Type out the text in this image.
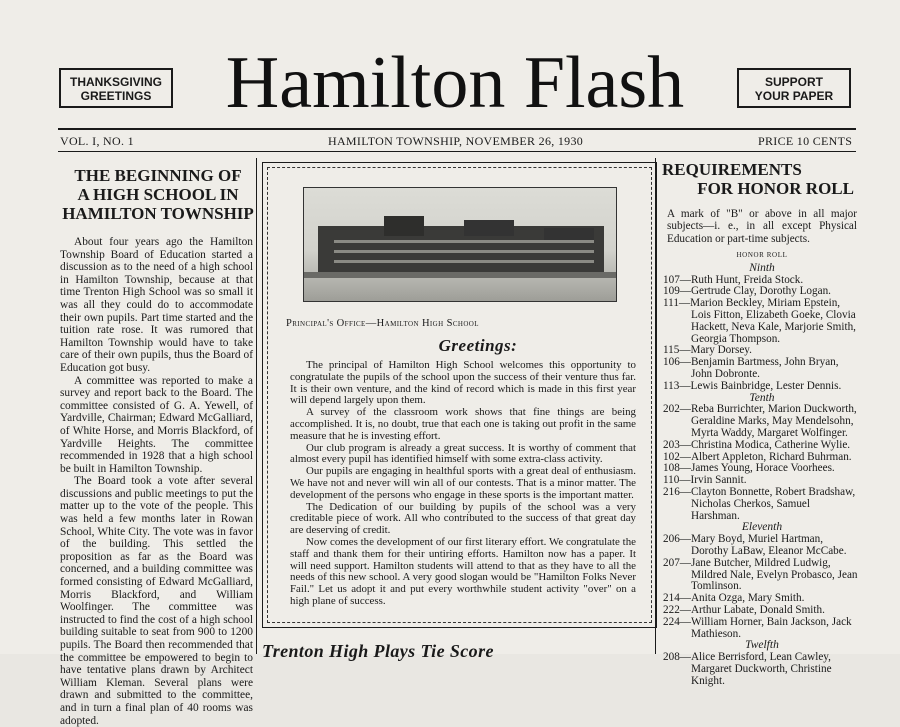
THANKSGIVING
GREETINGS
SUPPORT
YOUR PAPER
Hamilton Flash
VOL. I, NO. 1	HAMILTON TOWNSHIP, NOVEMBER 26, 1930	PRICE 10 CENTS
THE BEGINNING OF
A HIGH SCHOOL IN
HAMILTON TOWNSHIP

About four years ago the Hamilton Township Board of Education started a discussion as to the need of a high school in Hamilton Township, because at that time Trenton High School was so small it was all they could do to accommodate their own pupils. Part time started and the tuition rate rose. It was rumored that Hamilton Township would have to take care of their own pupils, thus the Board of Education got busy.

A committee was reported to make a survey and report back to the Board. The committee consisted of G. A. Yewell, of Yardville, Chairman; Edward McGalliard, of White Horse, and Morris Blackford, of Yardville Heights. The committee recommended in 1928 that a high school be built in Hamilton Township.

The Board took a vote after several discussions and public meetings to put the matter up to the vote of the people. This was held a few months later in Rowan School, White City. The vote was in favor of the building. This settled the proposition as far as the Board was concerned, and a building committee was formed consisting of Edward McGalliard, Morris Blackford, and William Woolfinger. The committee was instructed to find the cost of a high school building suitable to seat from 900 to 1200 pupils. The Board then recommended that the committee be empowered to begin to have tentative plans drawn by Architect William Kleman. Several plans were drawn and submitted to the committee, and in turn a final plan of 40 rooms was adopted.

Principal's Office—Hamilton High School
Greetings:

The principal of Hamilton High School welcomes this opportunity to congratulate the pupils of the school upon the success of their venture thus far. It is their own venture, and the kind of record which is made in this first year will depend largely upon them.

A survey of the classroom work shows that fine things are being accomplished. It is, no doubt, true that each one is taking out profit in the same measure that he is investing effort.

Our club program is already a great success. It is worthy of comment that almost every pupil has identified himself with some extra-class activity.

Our pupils are engaging in healthful sports with a great deal of enthusiasm. We have not and never will win all of our contests. That is a minor matter. The development of the persons who engage in these sports is the important matter.

The Dedication of our building by pupils of the school was a very creditable piece of work. All who contributed to the success of that great day are deserving of credit.

Now comes the development of our first literary effort. We congratulate the staff and thank them for their untiring efforts. Hamilton now has a paper. It will need support. Hamilton students will attend to that as they have to all the needs of this new school. A very good slogan would be "Hamilton Folks Never Fail." Let us adopt it and put every worthwhile student activity "over" on a high plane of success.

Trenton High Plays Tie Score
REQUIREMENTS
FOR HONOR ROLL
A mark of "B" or above in all major subjects—i. e., in all except Physical Education or part-time subjects.
HONOR ROLL
Ninth
107—Ruth Hunt, Freida Stock.
109—Gertrude Clay, Dorothy Logan.
111—Marion Beckley, Miriam Epstein, Lois Fitton, Elizabeth Goeke, Clovia Hackett, Neva Kale, Marjorie Smith, Georgia Thompson.
115—Mary Dorsey.
106—Benjamin Bartmess, John Bryan, John Dobronte.
113—Lewis Bainbridge, Lester Dennis.
Tenth
202—Reba Burrichter, Marion Duckworth, Geraldine Marks, May Mendelsohn, Myrta Waddy, Margaret Wolfinger.
203—Christina Modica, Catherine Wylie.
102—Albert Appleton, Richard Buhrman.
108—James Young, Horace Voorhees.
110—Irvin Sannit.
216—Clayton Bonnette, Robert Bradshaw, Nicholas Cherkos, Samuel Harshman.
Eleventh
206—Mary Boyd, Muriel Hartman, Dorothy LaBaw, Eleanor McCabe.
207—Jane Butcher, Mildred Ludwig, Mildred Nale, Evelyn Probasco, Jean Tomlinson.
214—Anita Ozga, Mary Smith.
222—Arthur Labate, Donald Smith.
224—William Horner, Bain Jackson, Jack Mathieson.
Twelfth
208—Alice Berrisford, Lean Cawley, Margaret Duckworth, Christine Knight.
